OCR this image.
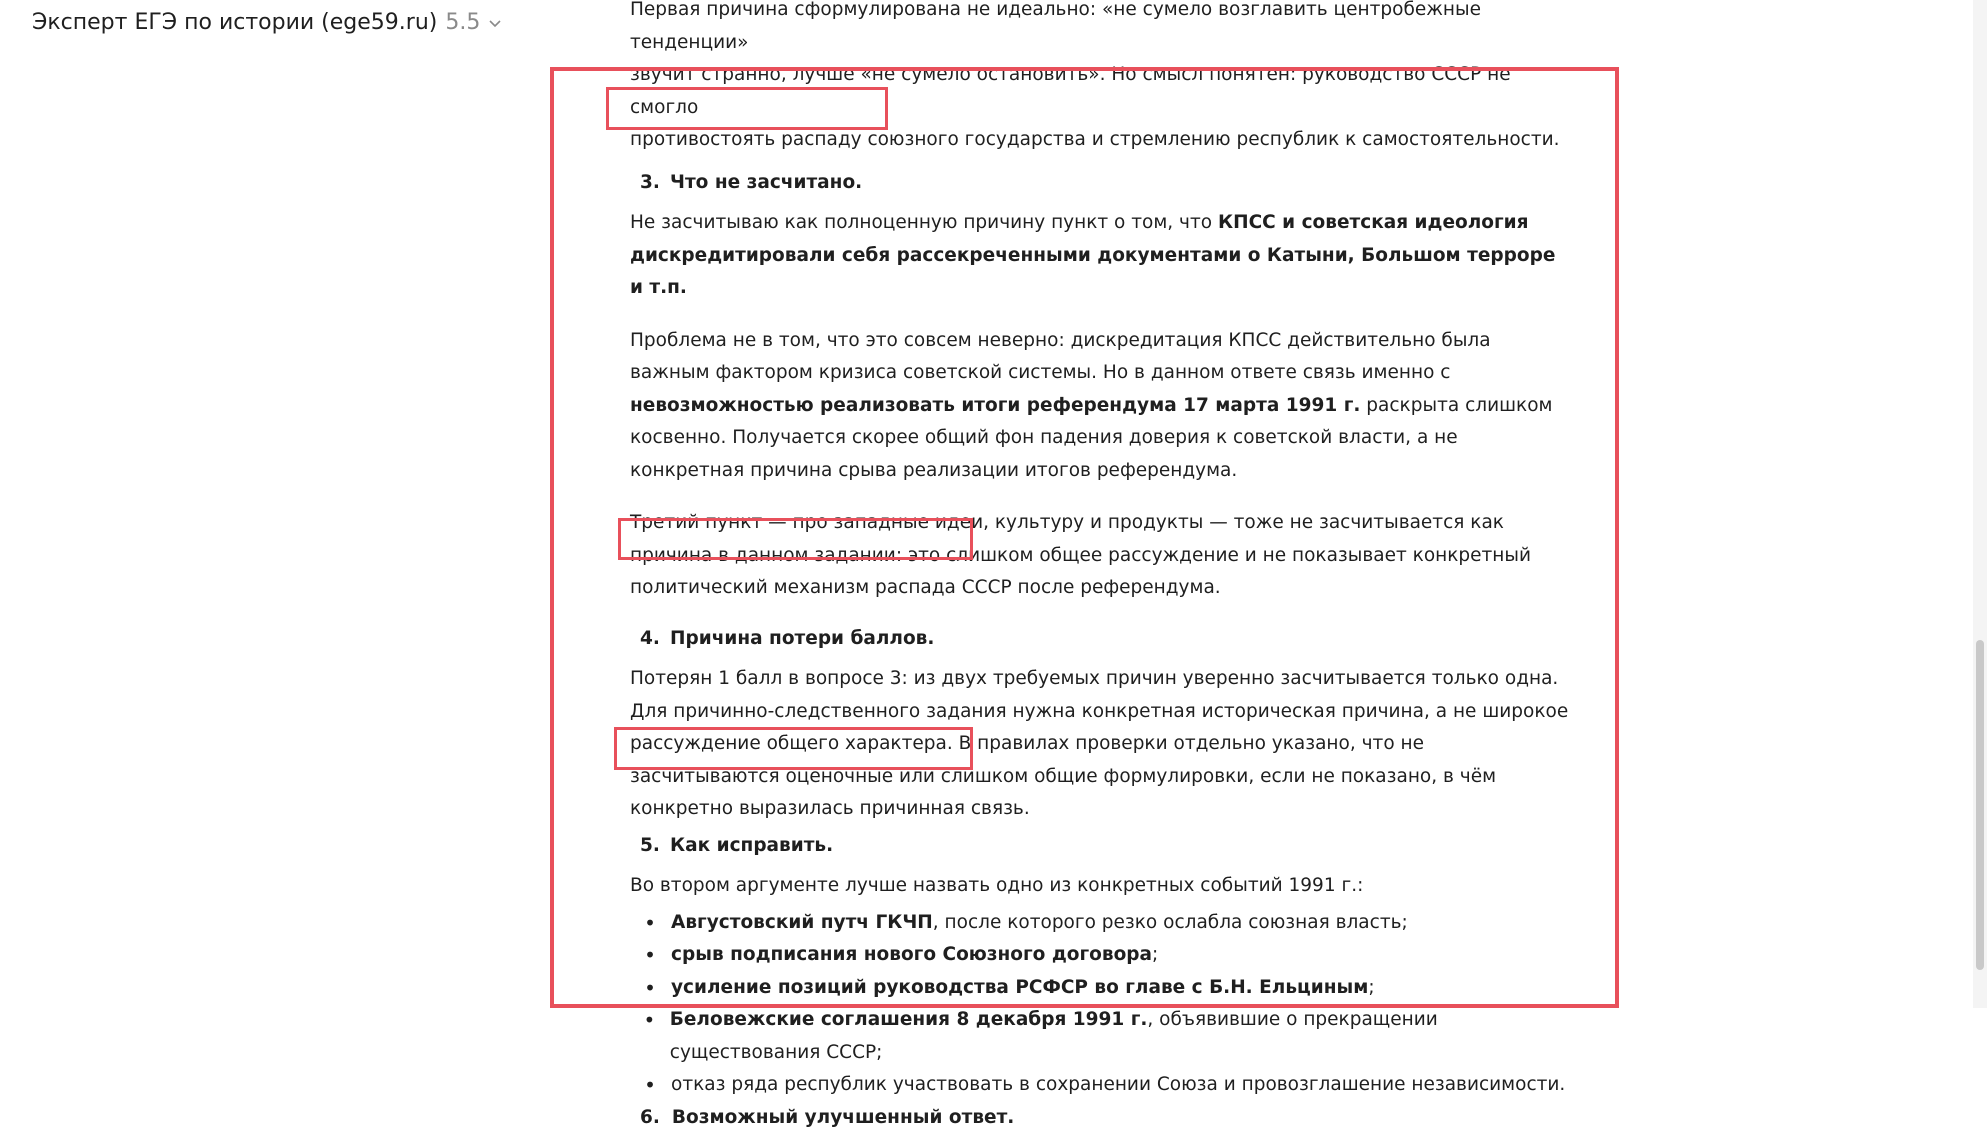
Эксперт ЕГЭ по истории (ege59.ru) 5.5

Первая причина сформулирована не идеально: «не сумело возглавить центробежные тенденции»

звучит странно, лучше «не сумело остановить». Но смысл понятен: руководство СССР не смогло

противостоять распаду союзного государства и стремлению республик к самостоятельности.

3. Что не засчитано.

Не засчитываю как полноценную причину пункт о том, что КПСС и советская идеология дискредитировали себя рассекреченными документами о Катыни, Большом терроре и т.п.

Проблема не в том, что это совсем неверно: дискредитация КПСС действительно была важным фактором кризиса советской системы. Но в данном ответе связь именно с невозможностью реализовать итоги референдума 17 марта 1991 г. раскрыта слишком косвенно. Получается скорее общий фон падения доверия к советской власти, а не конкретная причина срыва реализации итогов референдума.

Третий пункт — про западные идеи, культуру и продукты — тоже не засчитывается как причина в данном задании: это слишком общее рассуждение и не показывает конкретный политический механизм распада СССР после референдума.

4. Причина потери баллов.

Потерян 1 балл в вопросе 3: из двух требуемых причин уверенно засчитывается только одна. Для причинно-следственного задания нужна конкретная историческая причина, а не широкое рассуждение общего характера. В правилах проверки отдельно указано, что не засчитываются оценочные или слишком общие формулировки, если не показано, в чём конкретно выразилась причинная связь.

5. Как исправить.

Во втором аргументе лучше назвать одно из конкретных событий 1991 г.:

• Августовский путч ГКЧП, после которого резко ослабла союзная власть;
• срыв подписания нового Союзного договора;
• усиление позиций руководства РСФСР во главе с Б.Н. Ельциным;
• Беловежские соглашения 8 декабря 1991 г., объявившие о прекращении существования СССР;
• отказ ряда республик участвовать в сохранении Союза и провозглашение независимости.
6. Возможный улучшенный ответ.
